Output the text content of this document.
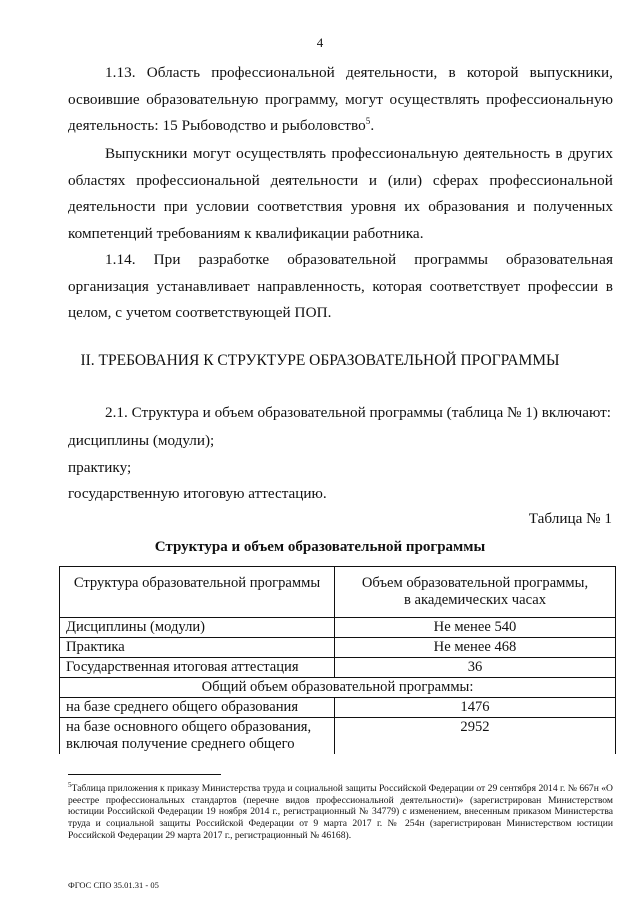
4
1.13. Область профессиональной деятельности, в которой выпускники, освоившие образовательную программу, могут осуществлять профессиональную деятельность: 15 Рыбоводство и рыболовство$^5$.
Выпускники могут осуществлять профессиональную деятельность в других областях профессиональной деятельности и (или) сферах профессиональной деятельности при условии соответствия уровня их образования и полученных компетенций требованиям к квалификации работника.
1.14. При разработке образовательной программы образовательная организация устанавливает направленность, которая соответствует профессии в целом, с учетом соответствующей ПОП.
II. ТРЕБОВАНИЯ К СТРУКТУРЕ ОБРАЗОВАТЕЛЬНОЙ ПРОГРАММЫ
2.1. Структура и объем образовательной программы (таблица № 1) включают:
дисциплины (модули);
практику;
государственную итоговую аттестацию.
Таблица № 1
Структура и объем образовательной программы
Структура образовательной программы	Объем образовательной программы,
в академических часах

Дисциплины (модули)	Не менее 540
Практика	Не менее 468
Государственная итоговая аттестация	36
Общий объем образовательной программы:	
на базе среднего общего образования	1476

на базе основного общего образования,
включая получение среднего общего	2952
$^5$Таблица приложения к приказу Министерства труда и социальной защиты Российской Федерации от 29 сентября 2014 г. № 667н «О реестре профессиональных стандартов (перечне видов профессиональной деятельности)» (зарегистрирован Министерством юстиции Российской Федерации 19 ноября 2014 г., регистрационный № 34779) с изменением, внесенным приказом Министерства труда и социальной защиты Российской Федерации от 9 марта 2017 г. № 254н (зарегистрирован Министерством юстиции Российской Федерации 29 марта 2017 г., регистрационный № 46168).
ФГОС СПО 35.01.31 - 05
